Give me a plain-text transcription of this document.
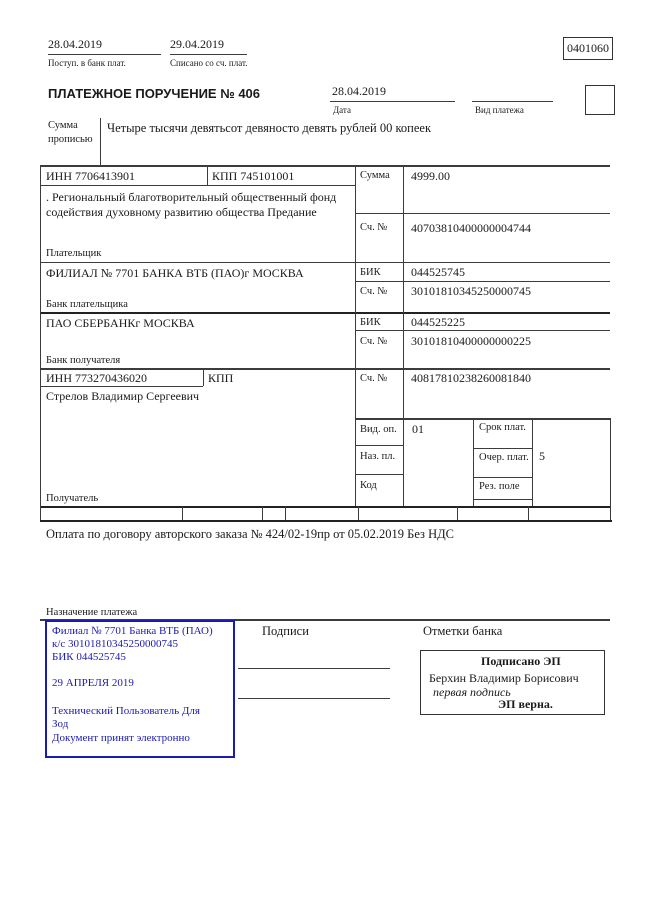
28.04.2019
Поступ. в банк плат.
29.04.2019
Списано со сч. плат.
0401060
ПЛАТЕЖНОЕ ПОРУЧЕНИЕ № 406	28.04.2019
Дата	Вид платежа
Сумма
прописью
Четыре тысячи девятьсот девяносто девять рублей 00 копеек
ИНН 7706413901	КПП 745101001	Сумма 4999.00
. Региональный благотворительный общественный фонд содействия духовному развитию общества Предание
Сч. № 40703810400000004744
Плательщик
ФИЛИАЛ № 7701 БАНКА ВТБ (ПАО)г МОСКВА	БИК	044525745
Сч. № 30101810345250000745
Банк плательщика
ПАО СБЕРБАНКг МОСКВА	БИК	044525225
Сч. № 30101810400000000225
Банк получателя
ИНН 773270436020	КПП	Сч. № 40817810238260081840
Стрелов Владимир Сергеевич
Получатель
Вид. оп. 01	Срок плат.
Наз. пл.	Очер. плат. 5
Код	Рез. поле
Оплата по договору авторского заказа № 424/02-19пр от 05.02.2019 Без НДС
Назначение платежа
Подписи	Отметки банка
Филиал № 7701 Банка ВТБ (ПАО)
к/с 30101810345250000745
БИК 044525745
29 АПРЕЛЯ 2019
Технический Пользователь Для
Зод
Документ принят электронно
Подписано ЭП
Берхин Владимир Борисович
первая подпись
ЭП верна.
